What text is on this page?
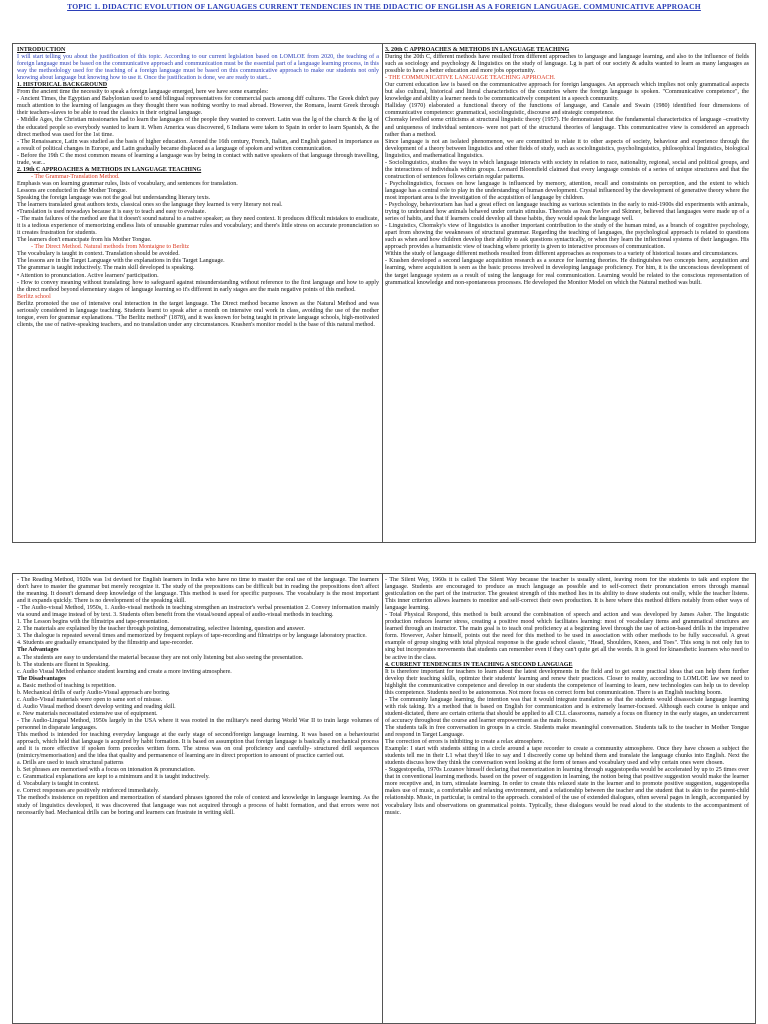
TOPIC 1. DIDACTIC EVOLUTION OF LANGUAGES CURRENT TENDENCIES IN THE DIDACTIC OF ENGLISH AS A FOREIGN LANGUAGE. COMMUNICATIVE APPROACH

INTRODUCTION

I will start telling you about the justification of this topic. According to our current legislation based on LOMLOE from 2020, the teaching of a foreign language must be based on the communicative approach and communication must be the essential part of a language learning process, in this way the methodology used for the teaching of a foreign language must be based on this communicative approach to make our students not only knowing about language but knowing how to use it. Once the justification is done, we are ready to start...

1. HISTORICAL BACKGROUND

From the ancient time the necessity to speak a foreign language emerged, here we have some examples:

- Ancient Times, the Egyptian and Babylonian used to send bilingual representatives for commercial pacts among diff cultures. The Greek didn't pay much attention to the learning of languages as they thought there was nothing worthy to read abroad. However, the Romans, learnt Greek through their teachers-slaves to be able to read the classics in their original language.

- Middle Ages, the Christian missionaries had to learn the languages of the people they wanted to convert. Latin was the lg of the church & the lg of the educated people so everybody wanted to learn it. When America was discovered, 6 Indians were taken to Spain in order to learn Spanish, & the direct method was used for the 1st time.

- The Renaissance, Latin was studied as the basis of higher education. Around the 16th century, French, Italian, and English gained in importance as a result of political changes in Europe, and Latin gradually became displaced as a language of spoken and written communication.

- Before the 19th C the most common means of learning a language was by being in contact with native speakers of that language through travelling, trade, war...

2. 19th C APPROACHES & METHODS IN LANGUAGE TEACHING

- The Grammar-Translation Method.

Emphasis was on learning grammar rules, lists of vocabulary, and sentences for translation.

Lessons are conducted in the Mother Tongue.

Speaking the foreign language was not the goal but understanding literary texts.

The learners translated great authors texts, classical ones so the language they learned is very literary not real.

•Translation is used nowadays because it is easy to teach and easy to evaluate.

- The main failures of the method are that it doesn't sound natural to a native speaker; as they need context. It produces difficult mistakes to eradicate, it is a tedious experience of memorizing endless lists of unusable grammar rules and vocabulary; and there's little stress on accurate pronunciation so it creates frustration for students.

The learners don't emancipate from his Mother Tongue.

- The Direct Method. Natural methods from Montaigne to Berlitz

The vocabulary is taught in context. Translation should be avoided.

The lessons are in the Target Language with the explanations in this Target Language.

The grammar is taught inductively. The main skill developed is speaking.

• Attention to pronunciation. Active learners' participation.

- How to convey meaning without translating; how to safeguard against misunderstanding without reference to the first language and how to apply the direct method beyond elementary stages of language learning so it's different in early stages are the main negative points of this method.

Berlitz school

Berlitz promoted the use of intensive oral interaction in the target language. The Direct method became known as the Natural Method and was seriously considered in language teaching. Students learnt to speak after a month on intensive oral work in class, avoiding the use of the mother tongue, even for grammar explanations. "The Berlitz method" (1878), and it was known for being taught in private language schools, high-motivated clients, the use of native-speaking teachers, and no translation under any circumstances. Krashen's monitor model is the base of this natural method.

3. 20th C APPROACHES & METHODS IN LANGUAGE TEACHING

During the 20th C, different methods have resulted from different approaches to language and language learning, and also to the influence of fields such as sociology and psychology & linguistics on the study of language. Lg is part of our society & adults wanted to learn as many languages as possible to have a better education and more jobs opportunity.

- THE COMMUNICATIVE LANGUAGE TEACHING APPROACH.

Our current education law is based on the communicative approach for foreign languages. An approach which implies not only grammatical aspects but also cultural, historical and literal characteristics of the countries where the foreign language is spoken. "Communicative competence", the knowledge and ability a learner needs to be communicatively competent in a speech community.

Halliday (1970) elaborated a functional theory of the functions of language, and Canale and Swain (1980) identified four dimensions of communicative competence: grammatical, sociolinguistic, discourse and strategic competence.

Chomsky levelled some criticisms at structural linguistic theory (1957). He demonstrated that the fundamental characteristics of language –creativity and uniqueness of individual sentences- were not part of the structural theories of language. This communicative view is considered an approach rather than a method.

Since language is not an isolated phenomenon, we are committed to relate it to other aspects of society, behaviour and experience through the development of a theory between linguistics and other fields of study, such as sociolinguistics, psycholinguistics, philosophical linguistics, biological linguistics, and mathematical linguistics.

- Sociolinguistics, studies the ways in which language interacts with society in relation to race, nationality, regional, social and political groups, and the interactions of individuals within groups. Leonard Bloomfield claimed that every language consists of a series of unique structures and that the construction of sentences follows certain regular patterns.

- Psycholinguistics, focuses on how language is influenced by memory, attention, recall and constraints on perception, and the extent to which language has a central role to play in the understanding of human development. Crystal influenced by the development of generative theory where the most important area is the investigation of the acquisition of language by children.

- Psychology, behaviourism has had a great effect on language teaching as various scientists in the early to mid-1900s did experiments with animals, trying to understand how animals behaved under certain stimulus. Theorists as Ivan Pavlov and Skinner, believed that languages were made up of a series of habits, and that if learners could develop all these habits, they would speak the language well.

- Linguistics, Chomsky's view of linguistics is another important contribution to the study of the human mind, as a branch of cognitive psychology, apart from showing the weaknesses of structural grammar. Regarding the teaching of languages, the psychological approach is related to questions such as when and how children develop their ability to ask questions syntactically, or when they learn the inflectional systems of their languages. His approach provides a humanistic view of teaching where priority is given to interactive processes of communication.

Within the study of language different methods resulted from different approaches as responses to a variety of historical issues and circumstances.

- Krashen developed a second language acquisition research as a source for learning theories. He distinguishes two concepts here, acquisition and learning, where acquisition is seen as the basic process involved in developing language proficiency. For him, it is the unconscious development of the target language system as a result of using the language for real communication. Learning would be related to the conscious representation of grammatical knowledge and non-spontaneous processes. He developed the Monitor Model on which the Natural method was built.

- The Reading Method, 1920s was 1st devised for English learners in India who have no time to master the oral use of the language. The learners don't have to master the grammar but merely recognize it. The study of the prepositions can be difficult but in reading the prepositions don't affect the meaning. It doesn't demand deep knowledge of the language. This method is used for specific purposes. The vocabulary is the most important and it expands quickly. There is no development of the speaking skill.

- The Audio-visual Method, 1950s, 1. Audio-visual methods in teaching strengthen an instructor's verbal presentation 2. Convey information mainly via sound and image instead of by text. 3. Students often benefit from the visual/sound appeal of audio-visual methods in teaching.

1. The Lesson begins with the filmstrips and tape-presentation.

2. The materials are explained by the teacher through pointing, demonstrating, selective listening, question and answer.

3. The dialogue is repeated several times and memorized by frequent replays of tape-recording and filmstrips or by language laboratory practice.

4. Students are gradually emancipated by the filmstrip and tape-recorder.

The Advantages

a. The students are easy to understand the material because they are not only listening but also seeing the presentation.

b. The students are fluent in Speaking.

c. Audio Visual Method enhance student learning and create a more inviting atmosphere.

The Disadvantages

a. Basic method of teaching is repetition.

b. Mechanical drills of early Audio-Visual approach are boring.

c. Audio-Visual materials were open to same sort of misuse.

d. Audio Visual method doesn't develop writing and reading skill.

e. New materials necessitated extensive use of equipment.

- The Audio-Lingual Method, 1950s largely in the USA where it was rooted in the military's need during World War II to train large volumes of personnel in disparate languages.

This method is intended for teaching everyday language at the early stage of second/foreign language learning. It was based on a behaviourist approach, which held that language is acquired by habit formation. It is based on assumption that foreign language is basically a mechanical process and it is more effective if spoken form precedes written form. The stress was on oral proficiency and carefully- structured drill sequences (mimicry/memorisation) and the idea that quality and permanence of learning are in direct proportion to amount of practice carried out.

a. Drills are used to teach structural patterns

b. Set phrases are memorised with a focus on intonation & pronunciation.

c. Grammatical explanations are kept to a minimum and it is taught inductively.

d. Vocabulary is taught in context.

e. Correct responses are positively reinforced immediately.

The method's insistence on repetition and memorization of standard phrases ignored the role of context and knowledge in language learning. As the study of linguistics developed, it was discovered that language was not acquired through a process of habit formation, and that errors were not necessarily bad. Mechanical drills can be boring and learners can frustrate in writing skill.

- The Silent Way, 1960s it is called The Silent Way because the teacher is usually silent, leaving room for the students to talk and explore the language. Students are encouraged to produce as much language as possible and to self-correct their pronunciation errors through manual gesticulation on the part of the instructor. The greatest strength of this method lies in its ability to draw students out orally, while the teacher listens. This inner criterion allows learners to monitor and self-correct their own production. It is here where this method differs notably from other ways of language learning.

- Total Physical Respond, this method is built around the combination of speech and action and was developed by James Asher. The linguistic production reduces learner stress, creating a positive mood which facilitates learning: most of vocabulary items and grammatical structures are learned through an instructor. The main goal is to teach oral proficiency at a beginning level through the use of action-based drills in the imperative form. However, Asher himself, points out the need for this method to be used in association with other methods to be fully successful. A great example of group singing with total physical response is the grade school classic, "Head, Shoulders, Knees, and Toes". This song is not only fun to sing but incorporates movements that students can remember even if they can't quite get all the words. It is good for kinaesthetic learners who need to be active in the class.

4. CURRENT TENDENCIES IN TEACHING A SECOND LANGUAGE

It is therefore important for teachers to learn about the latest developments in the field and to get some practical ideas that can help them further develop their teaching skills, optimize their students' learning and renew their practices. Closer to reality, according to LOMLOE law we need to highlight the communicative competence and develop in our students the competence of learning to learn, new technologies can help us to develop this competence. Students need to be autonomous. Not more focus on correct form but communication. There is an English teaching boom.

- The community language learning, the intention was that it would integrate translation so that the students would disassociate language learning with risk taking. It's a method that is based on English for communication and is extremely learner-focused. Although each course is unique and student-dictated, there are certain criteria that should be applied to all CLL classrooms, namely a focus on fluency in the early stages, an undercurrent of accuracy throughout the course and learner empowerment as the main focus.

The students talk in free conversation in groups in a circle. Students make meaningful conversation. Students talk to the teacher in Mother Tongue and respond in Target Language.

The correction of errors is inhibiting to create a relax atmosphere.

Example: I start with students sitting in a circle around a tape recorder to create a community atmosphere. Once they have chosen a subject the students tell me in their L1 what they'd like to say and I discreetly come up behind them and translate the language chunks into English. Next the students discuss how they think the conversation went looking at the form of tenses and vocabulary used and why certain ones were chosen.

- Suggestopedia, 1970s Lozanov himself declaring that memorization in learning through suggestopedia would be accelerated by up to 25 times over that in conventional learning methods. based on the power of suggestion in learning, the notion being that positive suggestion would make the learner more receptive and, in turn, stimulate learning. In order to create this relaxed state in the learner and to promote positive suggestion, suggestopedia makes use of music, a comfortable and relaxing environment, and a relationship between the teacher and the student that is akin to the parent-child relationship. Music, in particular, is central to the approach. consisted of the use of extended dialogues, often several pages in length, accompanied by vocabulary lists and observations on grammatical points. Typically, these dialogues would be read aloud to the students to the accompaniment of music.
